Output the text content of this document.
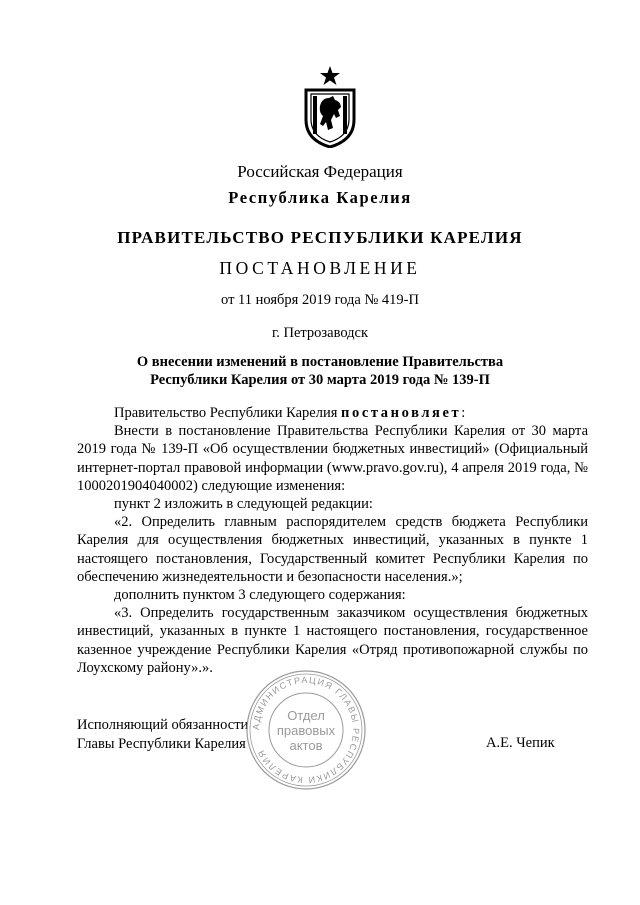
Российская Федерация
Республика Карелия
ПРАВИТЕЛЬСТВО РЕСПУБЛИКИ КАРЕЛИЯ
ПОСТАНОВЛЕНИЕ
от 11 ноября 2019 года № 419-П
г. Петрозаводск
О внесении изменений в постановление Правительства
Республики Карелия от 30 марта 2019 года № 139-П

Правительство Республики Карелия постановляет:

Внести в постановление Правительства Республики Карелия от 30 марта 2019 года № 139-П «Об осуществлении бюджетных инвестиций» (Официальный интернет-портал правовой информации (www.pravo.gov.ru), 4 апреля 2019 года, № 1000201904040002) следующие изменения:

пункт 2 изложить в следующей редакции:

«2. Определить главным распорядителем средств бюджета Республики Карелия для осуществления бюджетных инвестиций, указанных в пункте 1 настоящего постановления, Государственный комитет Республики Карелия по обеспечению жизнедеятельности и безопасности населения.»;

дополнить пунктом 3 следующего содержания:

«3. Определить государственным заказчиком осуществления бюджетных инвестиций, указанных в пункте 1 настоящего постановления, государственное казенное учреждение Республики Карелия «Отряд противопожарной службы по Лоухскому району».».

Исполняющий обязанности
Главы Республики Карелия	А.Е. Чепик
АДМИНИСТРАЦИЯ ГЛАВЫ РЕСПУБЛИКИ КАРЕЛИЯ
Отдел
правовых
актов
